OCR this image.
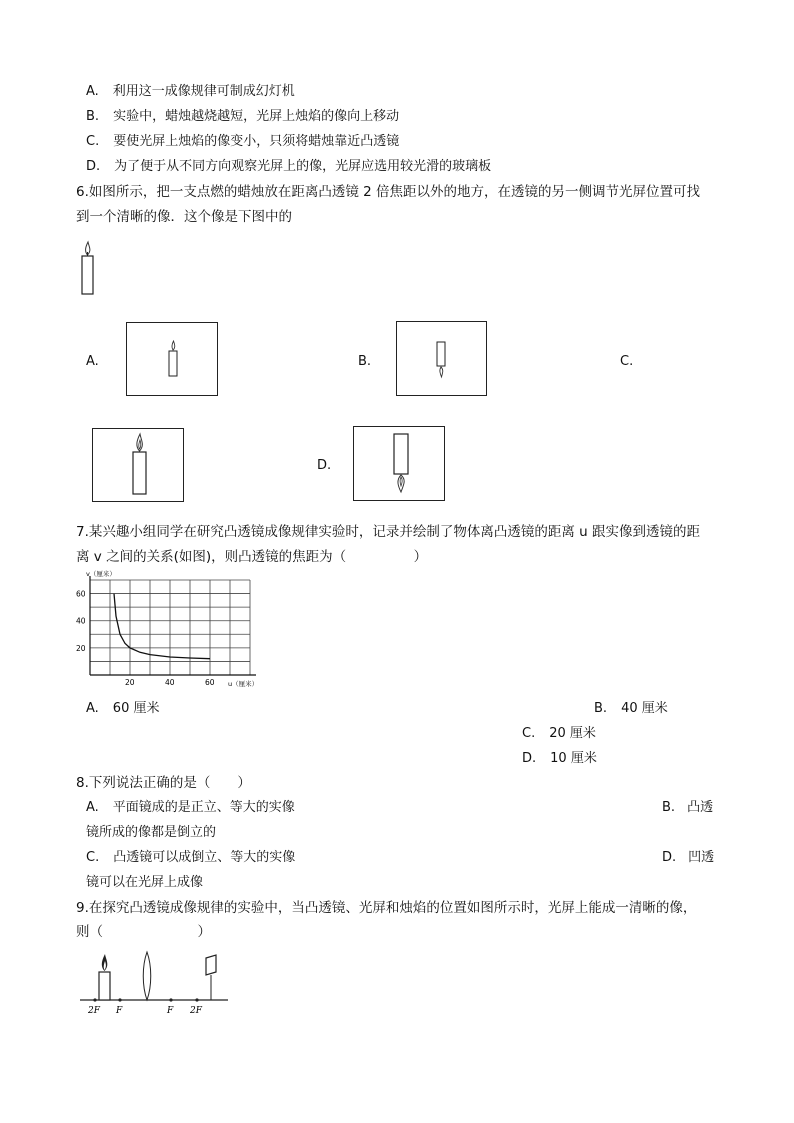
A. 利用这一成像规律可制成幻灯机
B. 实验中，蜡烛越烧越短，光屏上烛焰的像向上移动
C. 要使光屏上烛焰的像变小，只须将蜡烛靠近凸透镜
D. 为了便于从不同方向观察光屏上的像，光屏应选用较光滑的玻璃板
6.如图所示，把一支点燃的蜡烛放在距离凸透镜 2 倍焦距以外的地方，在透镜的另一侧调节光屏位置可找
到一个清晰的像．这个像是下图中的
A.	B.	C.
D.
7.某兴趣小组同学在研究凸透镜成像规律实验时，记录并绘制了物体离凸透镜的距离 u 跟实像到透镜的距
离 v 之间的关系(如图)，则凸透镜的焦距为（　　　　　）
20	40	60
20
40
60
u（厘米）
v（厘米）
A. 60 厘米	B. 40 厘米
C. 20 厘米
D. 10 厘米
8.下列说法正确的是（　　）
A. 平面镜成的是正立、等大的实像	B. 凸透
镜所成的像都是倒立的
C. 凸透镜可以成倒立、等大的实像	D. 凹透
镜可以在光屏上成像
9.在探究凸透镜成像规律的实验中，当凸透镜、光屏和烛焰的位置如图所示时，光屏上能成一清晰的像，
则（　　　　　　　）
2F F	F 2F
